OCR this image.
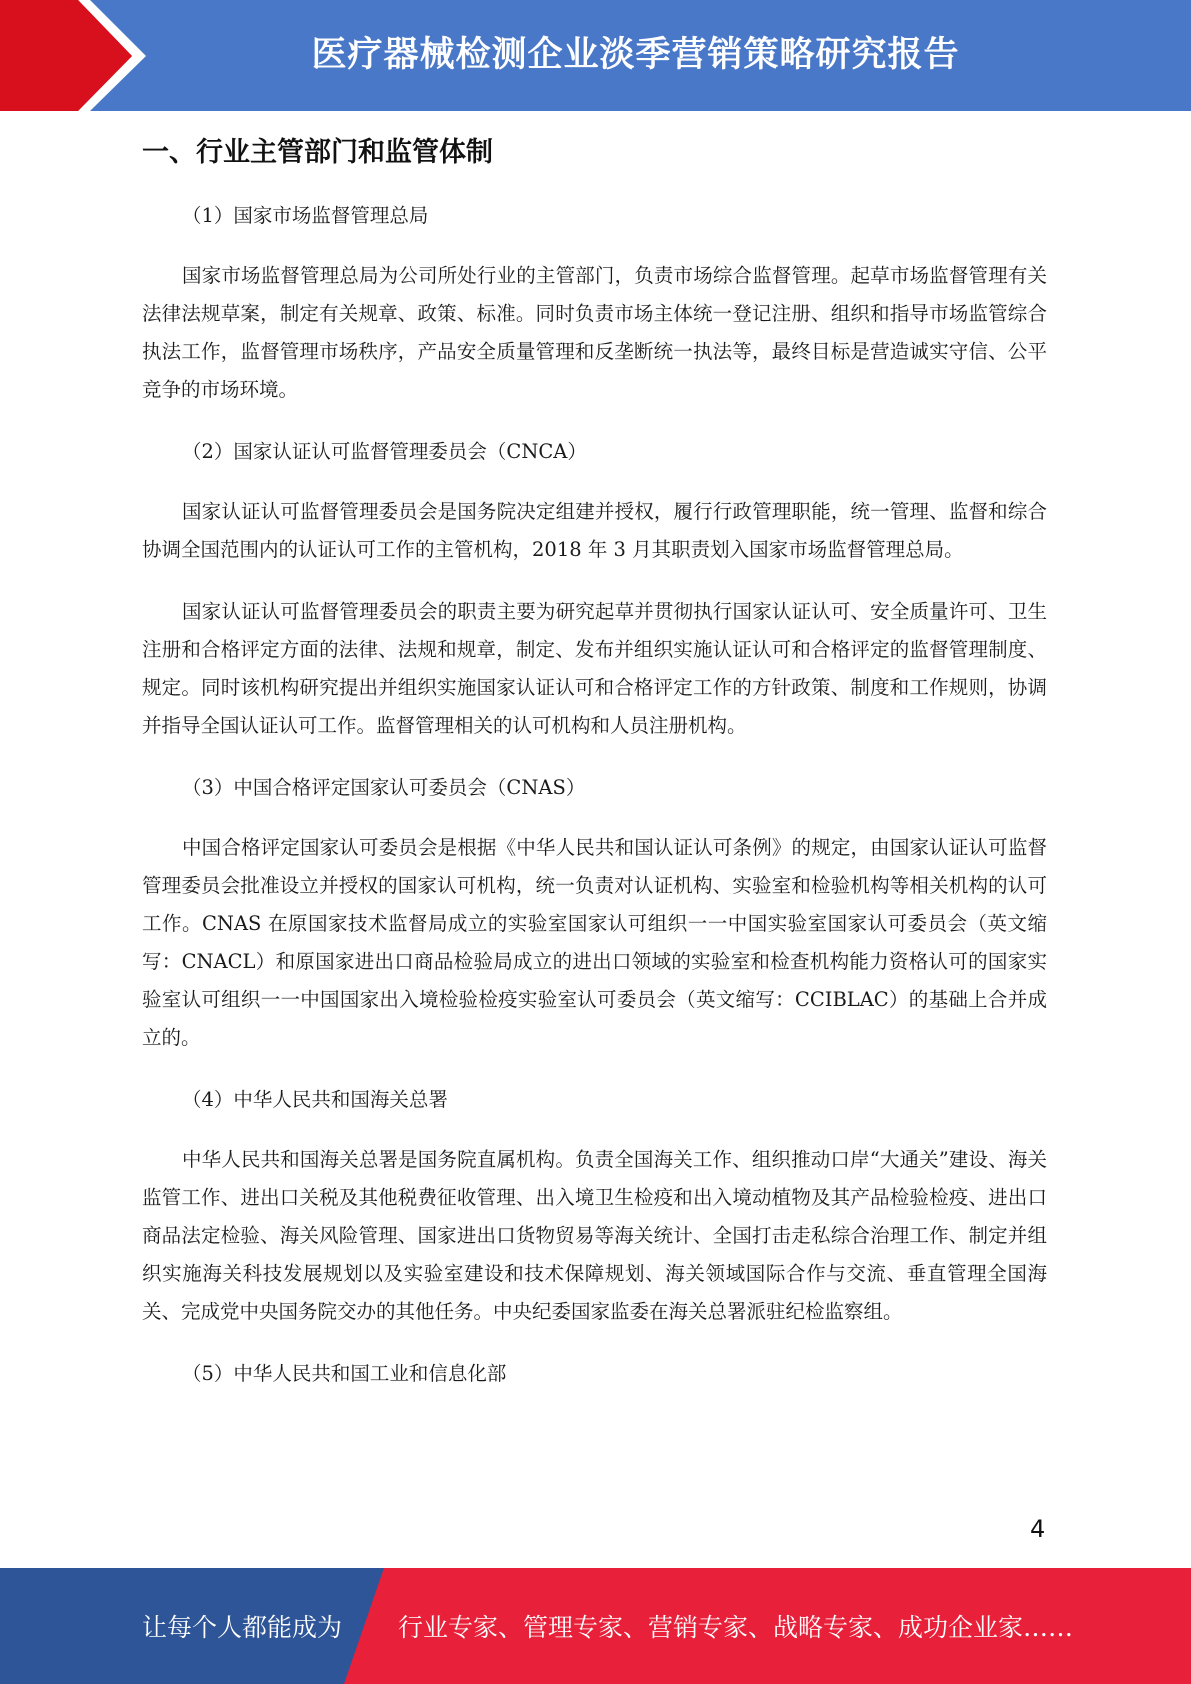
医疗器械检测企业淡季营销策略研究报告
一、行业主管部门和监管体制

（1）国家市场监督管理总局

国家市场监督管理总局为公司所处行业的主管部门，负责市场综合监督管理。起草市场监督管理有关法律法规草案，制定有关规章、政策、标准。同时负责市场主体统一登记注册、组织和指导市场监管综合执法工作，监督管理市场秩序，产品安全质量管理和反垄断统一执法等，最终目标是营造诚实守信、公平竞争的市场环境。

（2）国家认证认可监督管理委员会（CNCA）

国家认证认可监督管理委员会是国务院决定组建并授权，履行行政管理职能，统一管理、监督和综合协调全国范围内的认证认可工作的主管机构，2018 年 3 月其职责划入国家市场监督管理总局。

国家认证认可监督管理委员会的职责主要为研究起草并贯彻执行国家认证认可、安全质量许可、卫生注册和合格评定方面的法律、法规和规章，制定、发布并组织实施认证认可和合格评定的监督管理制度、规定。同时该机构研究提出并组织实施国家认证认可和合格评定工作的方针政策、制度和工作规则，协调并指导全国认证认可工作。监督管理相关的认可机构和人员注册机构。

（3）中国合格评定国家认可委员会（CNAS）

中国合格评定国家认可委员会是根据《中华人民共和国认证认可条例》的规定，由国家认证认可监督管理委员会批准设立并授权的国家认可机构，统一负责对认证机构、实验室和检验机构等相关机构的认可工作。CNAS 在原国家技术监督局成立的实验室国家认可组织一一中国实验室国家认可委员会（英文缩写：CNACL）和原国家进出口商品检验局成立的进出口领域的实验室和检查机构能力资格认可的国家实验室认可组织一一中国国家出入境检验检疫实验室认可委员会（英文缩写：CCIBLAC）的基础上合并成立的。

（4）中华人民共和国海关总署

中华人民共和国海关总署是国务院直属机构。负责全国海关工作、组织推动口岸“大通关”建设、海关监管工作、进出口关税及其他税费征收管理、出入境卫生检疫和出入境动植物及其产品检验检疫、进出口商品法定检验、海关风险管理、国家进出口货物贸易等海关统计、全国打击走私综合治理工作、制定并组织实施海关科技发展规划以及实验室建设和技术保障规划、海关领域国际合作与交流、垂直管理全国海关、完成党中央国务院交办的其他任务。中央纪委国家监委在海关总署派驻纪检监察组。

（5）中华人民共和国工业和信息化部

4
让每个人都能成为 行业专家、管理专家、营销专家、战略专家、成功企业家……
